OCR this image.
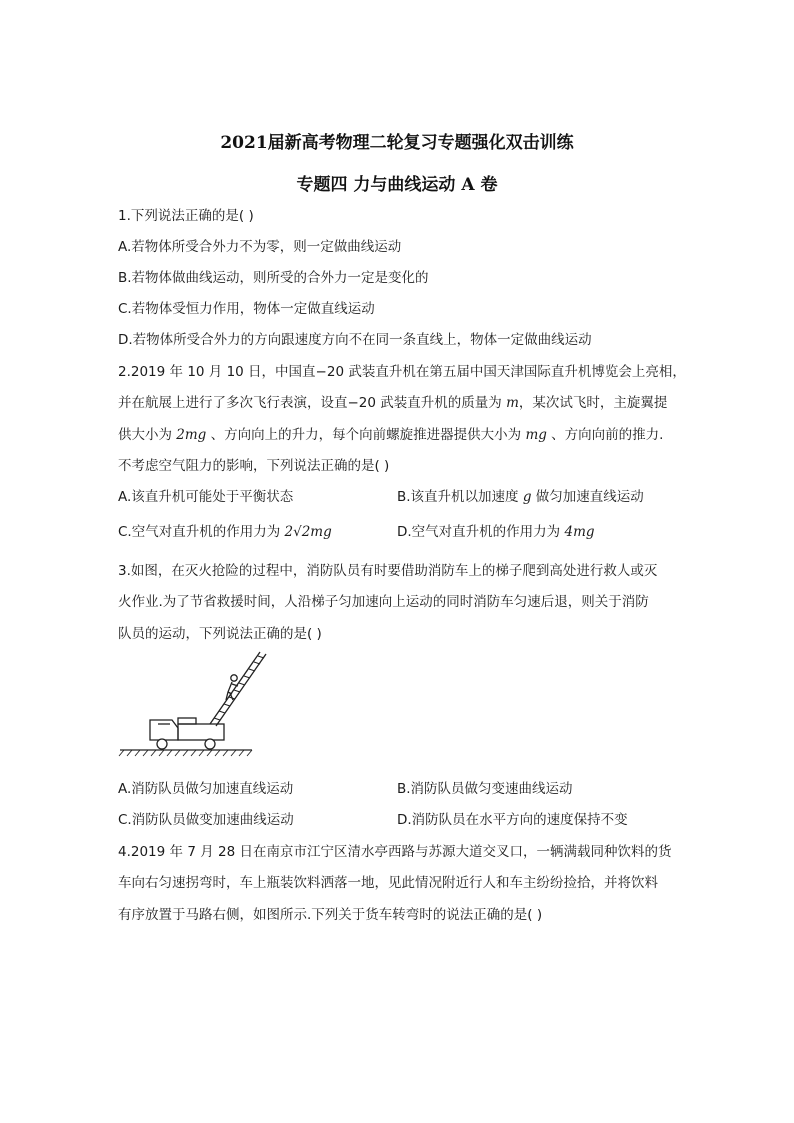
2021届新高考物理二轮复习专题强化双击训练
专题四 力与曲线运动 A 卷
1.下列说法正确的是( )
A.若物体所受合外力不为零，则一定做曲线运动
B.若物体做曲线运动，则所受的合外力一定是变化的
C.若物体受恒力作用，物体一定做直线运动
D.若物体所受合外力的方向跟速度方向不在同一条直线上，物体一定做曲线运动
2.2019 年 10 月 10 日，中国直−20 武装直升机在第五届中国天津国际直升机博览会上亮相，
并在航展上进行了多次飞行表演，设直−20 武装直升机的质量为 m，某次试飞时，主旋翼提
供大小为 2mg 、方向向上的升力，每个向前螺旋推进器提供大小为 mg 、方向向前的推力.
不考虑空气阻力的影响，下列说法正确的是( )
A.该直升机可能处于平衡状态	B.该直升机以加速度 g 做匀加速直线运动
C.空气对直升机的作用力为 2√2mg	D.空气对直升机的作用力为 4mg
3.如图，在灭火抢险的过程中，消防队员有时要借助消防车上的梯子爬到高处进行救人或灭
火作业.为了节省救援时间，人沿梯子匀加速向上运动的同时消防车匀速后退，则关于消防
队员的运动，下列说法正确的是( )
A.消防队员做匀加速直线运动	B.消防队员做匀变速曲线运动
C.消防队员做变加速曲线运动	D.消防队员在水平方向的速度保持不变
4.2019 年 7 月 28 日在南京市江宁区清水亭西路与苏源大道交叉口，一辆满载同种饮料的货
车向右匀速拐弯时，车上瓶装饮料洒落一地，见此情况附近行人和车主纷纷捡拾，并将饮料
有序放置于马路右侧，如图所示.下列关于货车转弯时的说法正确的是( )
